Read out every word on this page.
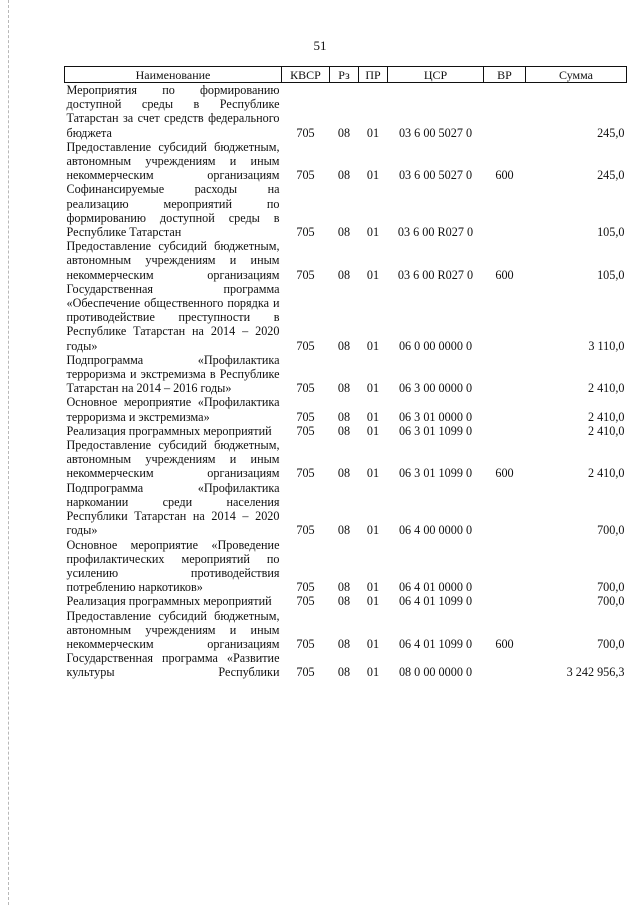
51
Наименование	КВСР	Рз	ПР	ЦСР	ВР	Сумма
Мероприятия по формированию доступной среды в Республике Татарстан за счет средств федерального бюджета	705	08	01	03 6 00 5027 0		245,0
Предоставление субсидий бюджетным, автономным учреждениям и иным некоммерческим организациям	705	08	01	03 6 00 5027 0	600	245,0
Софинансируемые расходы на реализацию мероприятий по формированию доступной среды в Республике Татарстан	705	08	01	03 6 00 R027 0		105,0
Предоставление субсидий бюджетным, автономным учреждениям и иным некоммерческим организациям	705	08	01	03 6 00 R027 0	600	105,0
Государственная программа «Обеспечение общественного порядка и противодействие преступности в Республике Татарстан на 2014 – 2020 годы»	705	08	01	06 0 00 0000 0		3 110,0
Подпрограмма «Профилактика терроризма и экстремизма в Республике Татарстан на 2014 – 2016 годы»	705	08	01	06 3 00 0000 0		2 410,0
Основное мероприятие «Профилактика терроризма и экстремизма»	705	08	01	06 3 01 0000 0		2 410,0
Реализация программных мероприятий	705	08	01	06 3 01 1099 0		2 410,0
Предоставление субсидий бюджетным, автономным учреждениям и иным некоммерческим организациям	705	08	01	06 3 01 1099 0	600	2 410,0
Подпрограмма «Профилактика наркомании среди населения Республики Татарстан на 2014 – 2020 годы»	705	08	01	06 4 00 0000 0		700,0
Основное мероприятие «Проведение профилактических мероприятий по усилению противодействия потреблению наркотиков»	705	08	01	06 4 01 0000 0		700,0
Реализация программных мероприятий	705	08	01	06 4 01 1099 0		700,0
Предоставление субсидий бюджетным, автономным учреждениям и иным некоммерческим организациям	705	08	01	06 4 01 1099 0	600	700,0
Государственная программа «Развитие культуры Республики	705	08	01	08 0 00 0000 0		3 242 956,3
